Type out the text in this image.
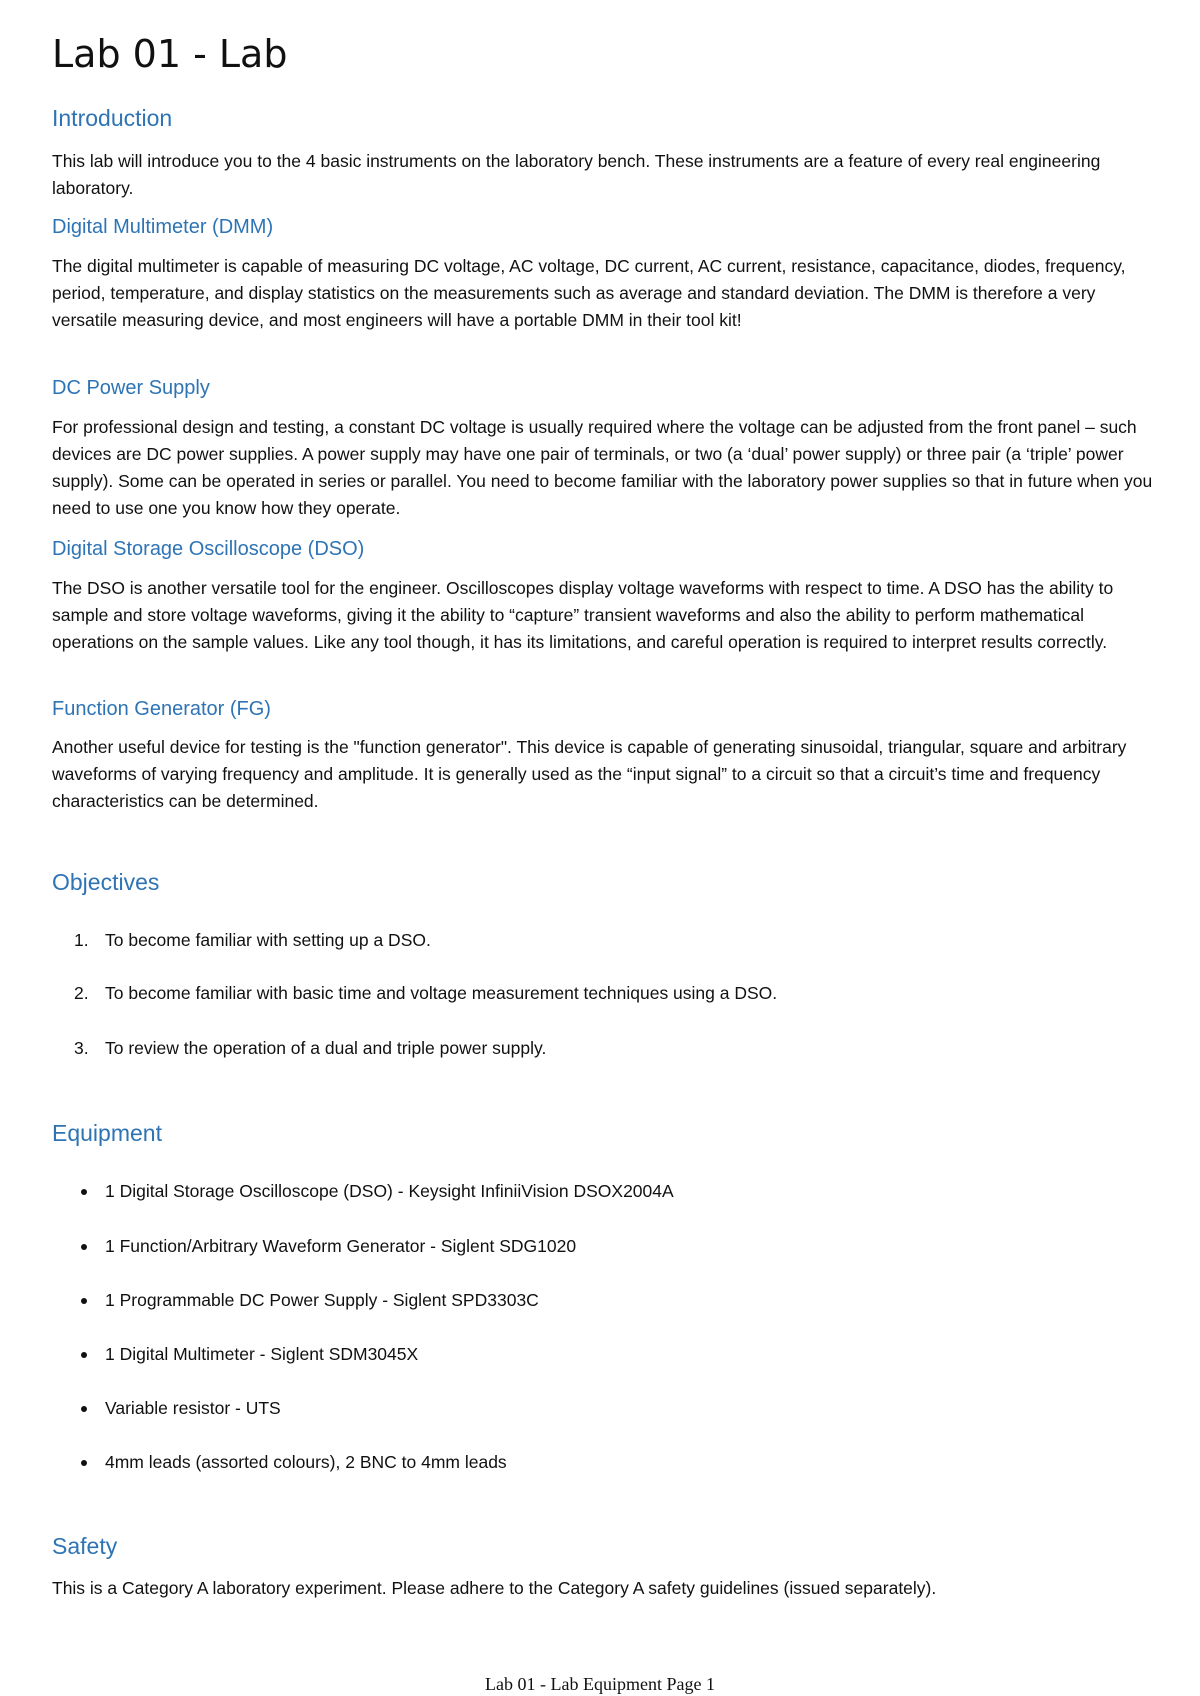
Lab 01 - Lab
Introduction

This lab will introduce you to the 4 basic instruments on the laboratory bench. These instruments are a feature of every real engineering laboratory.

Digital Multimeter (DMM)

The digital multimeter is capable of measuring DC voltage, AC voltage, DC current, AC current, resistance, capacitance, diodes, frequency, period, temperature, and display statistics on the measurements such as average and standard deviation. The DMM is therefore a very versatile measuring device, and most engineers will have a portable DMM in their tool kit!

DC Power Supply

For professional design and testing, a constant DC voltage is usually required where the voltage can be adjusted from the front panel – such devices are DC power supplies. A power supply may have one pair of terminals, or two (a ‘dual’ power supply) or three pair (a ‘triple’ power supply). Some can be operated in series or parallel. You need to become familiar with the laboratory power supplies so that in future when you need to use one you know how they operate.

Digital Storage Oscilloscope (DSO)

The DSO is another versatile tool for the engineer. Oscilloscopes display voltage waveforms with respect to time. A DSO has the ability to sample and store voltage waveforms, giving it the ability to “capture” transient waveforms and also the ability to perform mathematical operations on the sample values. Like any tool though, it has its limitations, and careful operation is required to interpret results correctly.

Function Generator (FG)

Another useful device for testing is the "function generator". This device is capable of generating sinusoidal, triangular, square and arbitrary waveforms of varying frequency and amplitude. It is generally used as the “input signal” to a circuit so that a circuit’s time and frequency characteristics can be determined.

Objectives
1. To become familiar with setting up a DSO.
2. To become familiar with basic time and voltage measurement techniques using a DSO.
3. To review the operation of a dual and triple power supply.
Equipment
1 Digital Storage Oscilloscope (DSO) - Keysight InfiniiVision DSOX2004A
1 Function/Arbitrary Waveform Generator - Siglent SDG1020
1 Programmable DC Power Supply - Siglent SPD3303C
1 Digital Multimeter - Siglent SDM3045X
Variable resistor - UTS
4mm leads (assorted colours), 2 BNC to 4mm leads
Safety

This is a Category A laboratory experiment. Please adhere to the Category A safety guidelines (issued separately).

Lab 01 - Lab Equipment Page 1
